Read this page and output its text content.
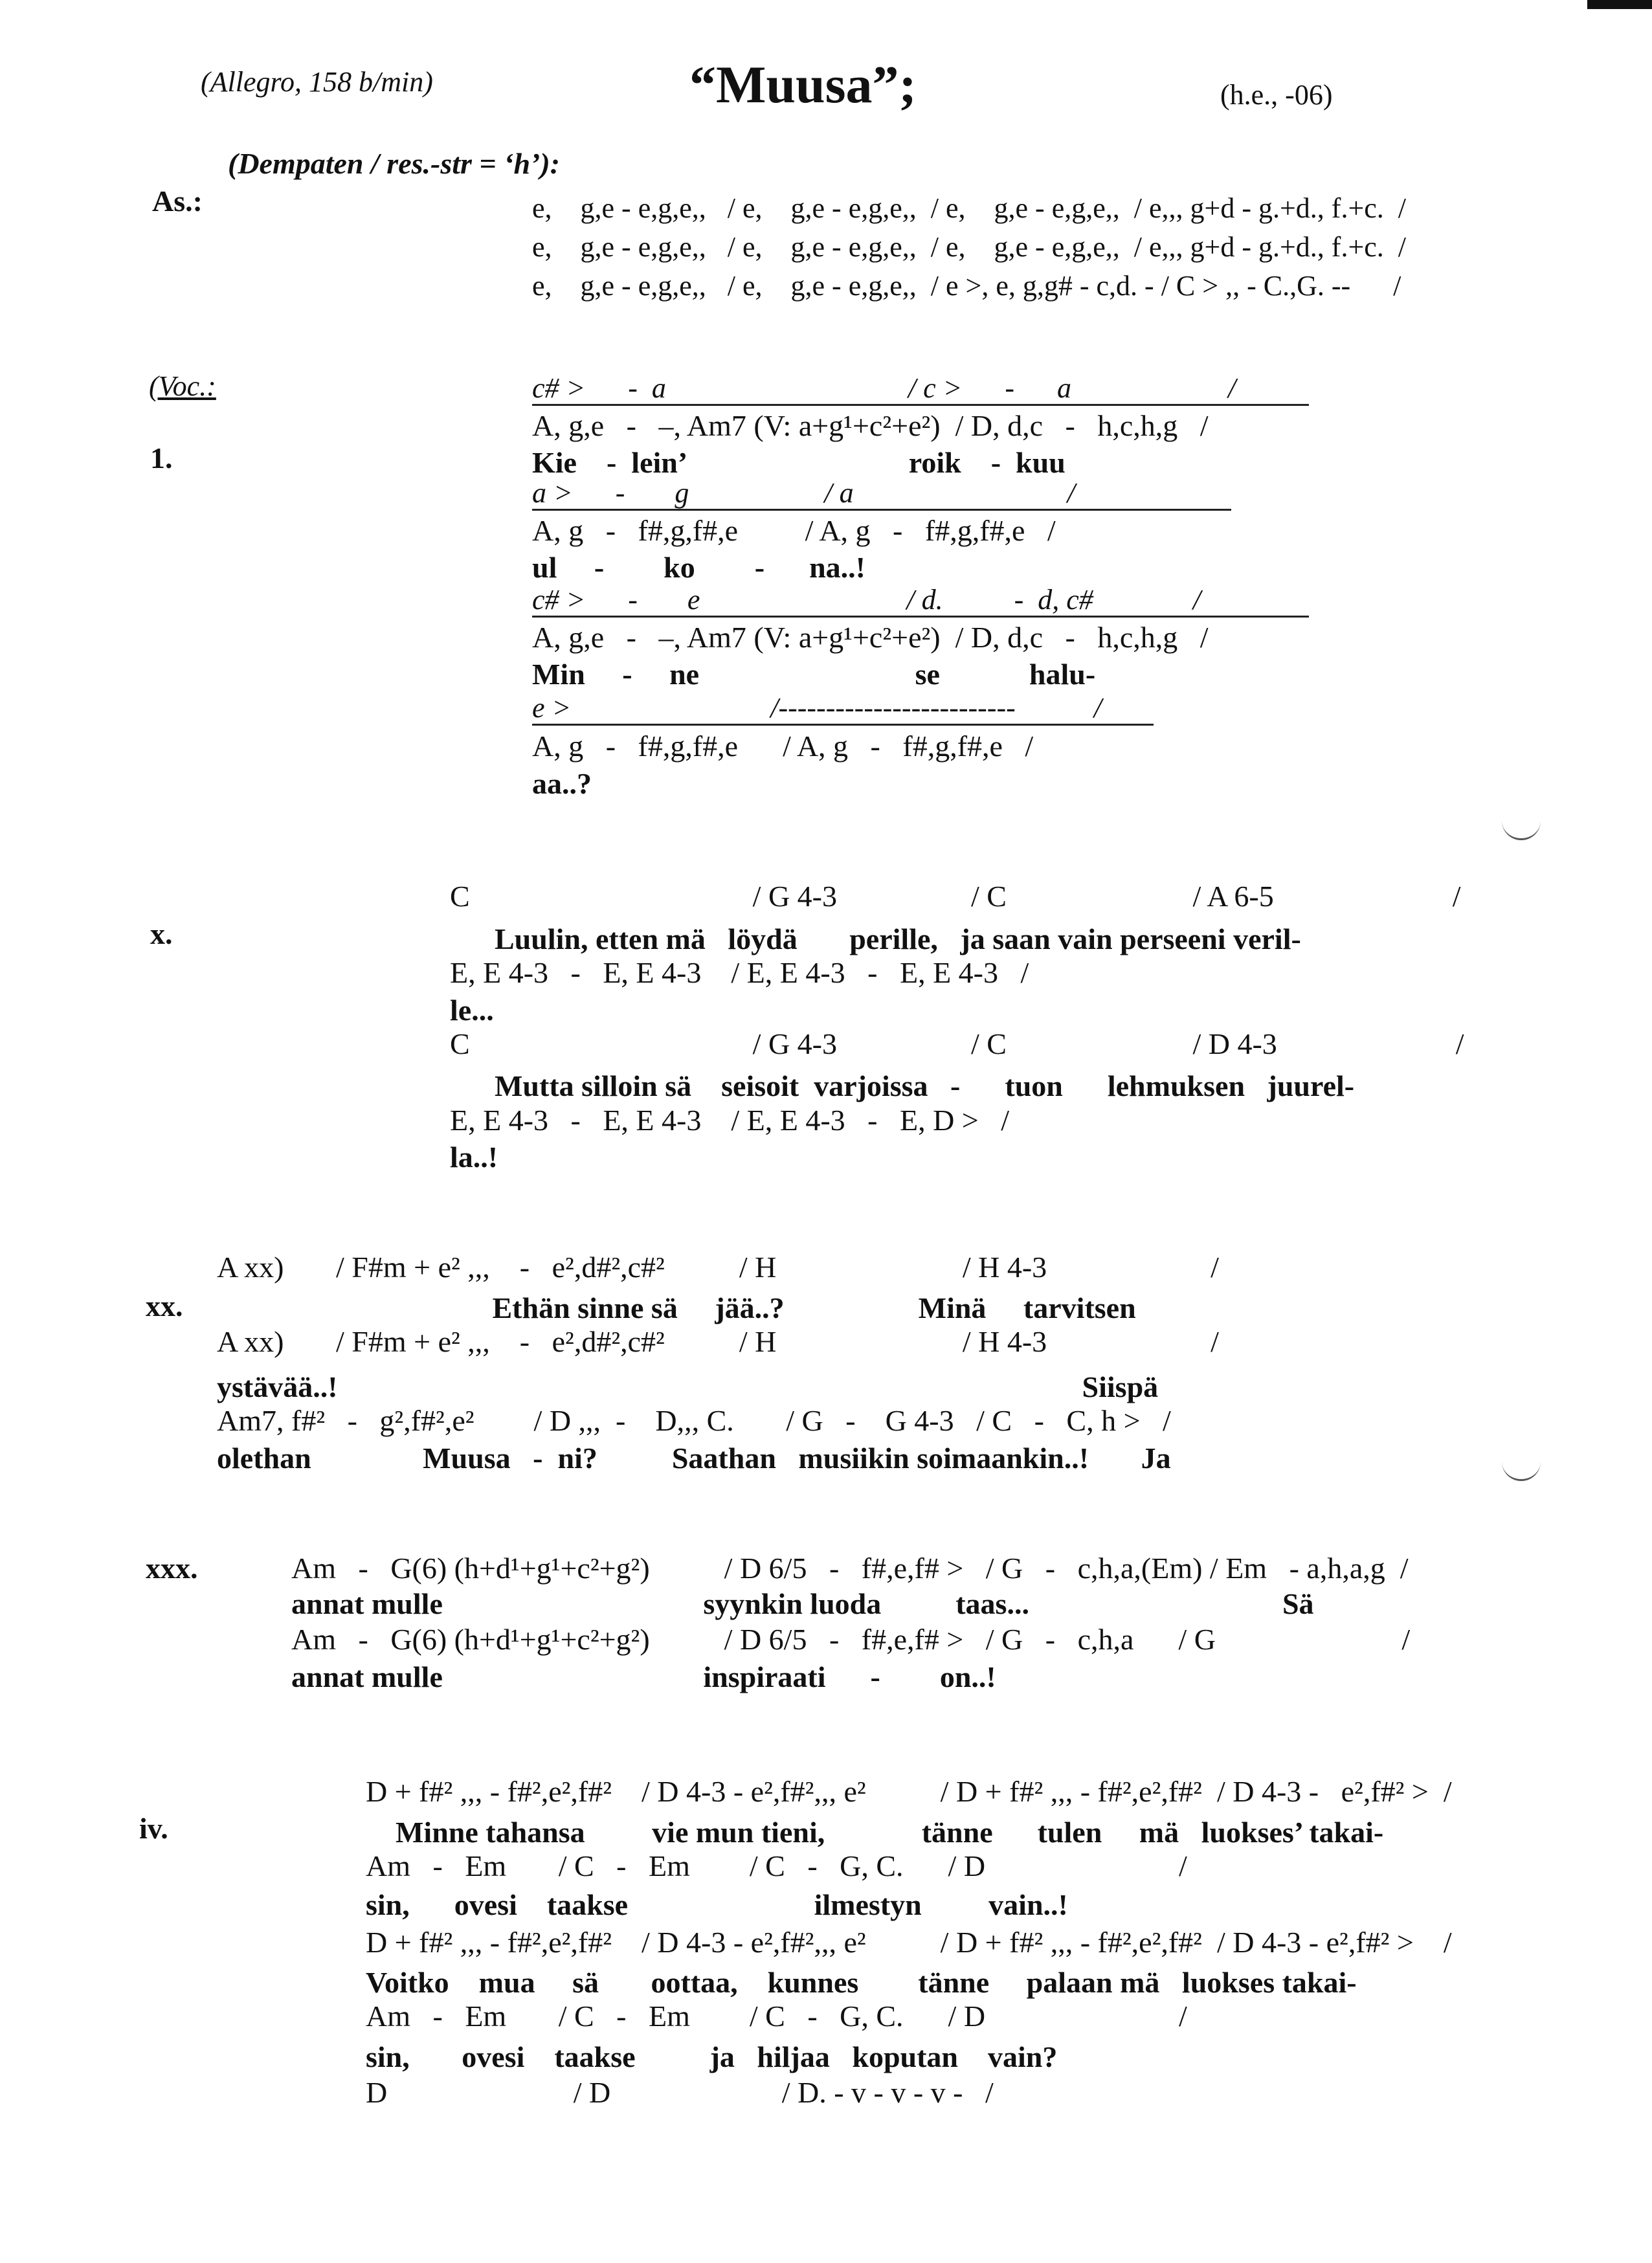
(Allegro, 158 b/min)	“Muusa”;	(h.e., -06)
(Dempaten / res.-str = ‘h’):
As.:	e,    g,e - e,g,e,,   / e,    g,e - e,g,e,,  / e,    g,e - e,g,e,,  / e,,, g+d - g.+d., f.+c.  /
e,    g,e - e,g,e,,   / e,    g,e - e,g,e,,  / e,    g,e - e,g,e,,  / e,,, g+d - g.+d., f.+c.  /
e,    g,e - e,g,e,,   / e,    g,e - e,g,e,,  / e >, e, g,g# - c,d. - / C > ,, - C.,G. --      /
(Voc.:
1.
c# >      -  a                                  / c >      -      a                      /
A, g,e   -   –, Am7 (V: a+g¹+c²+e²)  / D, d,c   -   h,c,h,g   /
Kie    -  lein’                              roik    -  kuu
a >      -       g                   / a                              /
A, g   -   f#,g,f#,e         / A, g   -   f#,g,f#,e   /
ul     -        ko        -      na..!
c# >      -       e                             / d.          -  d, c#              /
A, g,e   -   –, Am7 (V: a+g¹+c²+e²)  / D, d,c   -   h,c,h,g   /
Min     -     ne                             se            halu-
e >                            /-------------------------           /
A, g   -   f#,g,f#,e      / A, g   -   f#,g,f#,e   /
aa..?
x.
C                                      / G 4-3                  / C                         / A 6-5                        /
Luulin, etten mä   löydä       perille,   ja saan vain perseeni veril-
E, E 4-3   -   E, E 4-3    / E, E 4-3   -   E, E 4-3   /
le...
C                                      / G 4-3                  / C                         / D 4-3                        /
Mutta silloin sä    seisoit  varjoissa   -      tuon      lehmuksen   juurel-
E, E 4-3   -   E, E 4-3    / E, E 4-3   -   E, D >   /
la..!
xx.
A xx)       / F#m + e² ,,,    -   e²,d#²,c#²          / H                         / H 4-3                      /
Ethän sinne sä     jää..?                  Minä     tarvitsen
A xx)       / F#m + e² ,,,    -   e²,d#²,c#²          / H                         / H 4-3                      /
ystävää..!                                                                                                    Siispä
Am7, f#²   -   g²,f#²,e²        / D ,,,  -    D,,, C.       / G   -    G 4-3   / C   -   C, h >   /
olethan               Muusa   -  ni?          Saathan   musiikin soimaankin..!       Ja
xxx.	Am   -   G(6) (h+d¹+g¹+c²+g²)          / D 6/5   -   f#,e,f# >   / G   -   c,h,a,(Em) / Em   - a,h,a,g  /
annat mulle                                   syynkin luoda          taas...                                  Sä
Am   -   G(6) (h+d¹+g¹+c²+g²)          / D 6/5   -   f#,e,f# >   / G   -   c,h,a      / G                         /
annat mulle                                   inspiraati      -        on..!
iv.
D + f#² ,,, - f#²,e²,f#²    / D 4-3 - e²,f#²,,, e²          / D + f#² ,,, - f#²,e²,f#²  / D 4-3 -   e²,f#² >  /
Minne tahansa         vie mun tieni,             tänne      tulen     mä   luokses’ takai-
Am   -   Em       / C   -   Em        / C   -   G, C.      / D                          /
sin,      ovesi    taakse                         ilmestyn         vain..!
D + f#² ,,, - f#²,e²,f#²    / D 4-3 - e²,f#²,,, e²          / D + f#² ,,, - f#²,e²,f#²  / D 4-3 - e²,f#² >    /
Voitko    mua     sä       oottaa,    kunnes        tänne     palaan mä   luokses takai-
Am   -   Em       / C   -   Em        / C   -   G, C.      / D                          /
sin,       ovesi    taakse          ja   hiljaa   koputan    vain?
D                         / D                       / D. - v - v - v -   /
